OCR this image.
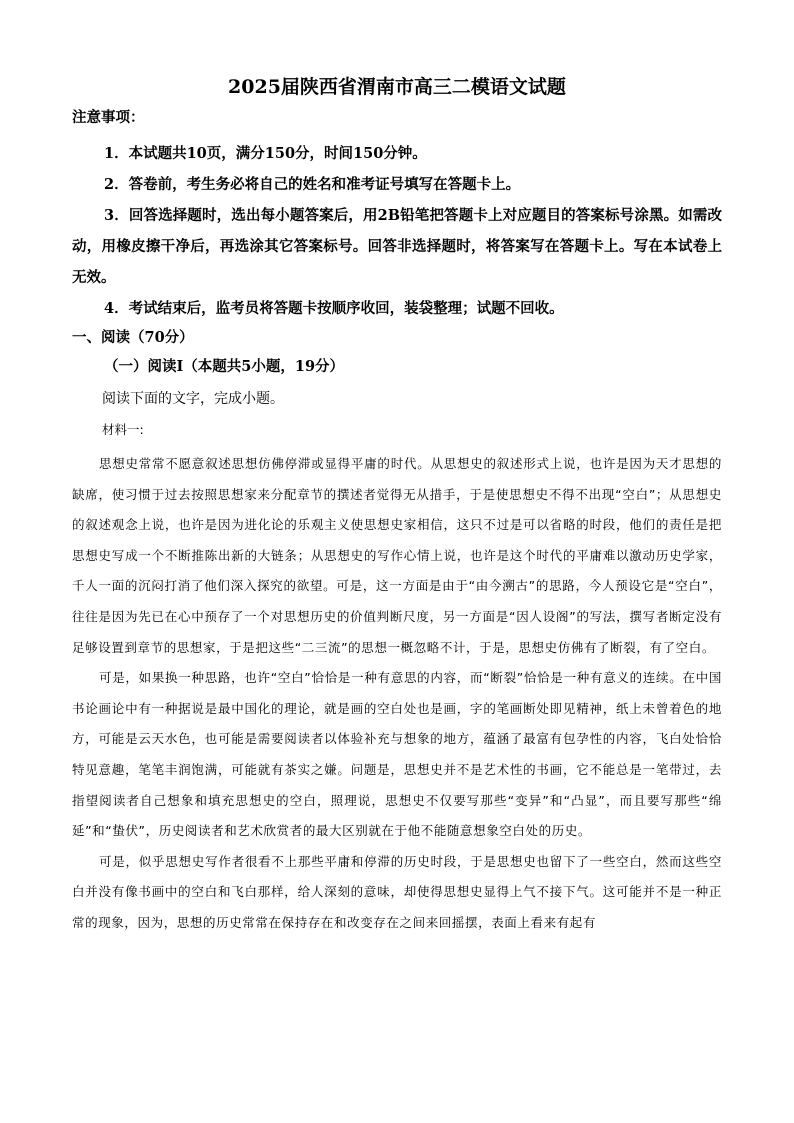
2025届陕西省渭南市高三二模语文试题
注意事项：

1．本试题共10页，满分150分，时间150分钟。

2．答卷前，考生务必将自己的姓名和准考证号填写在答题卡上。

3．回答选择题时，选出每小题答案后，用2B铅笔把答题卡上对应题目的答案标号涂黑。如需改动，用橡皮擦干净后，再选涂其它答案标号。回答非选择题时，将答案写在答题卡上。写在本试卷上无效。

4．考试结束后，监考员将答题卡按顺序收回，装袋整理；试题不回收。

一、阅读（70分）
（一）阅读Ⅰ（本题共5小题，19分）
阅读下面的文字，完成小题。
材料一:

思想史常常不愿意叙述思想仿佛停滞或显得平庸的时代。从思想史的叙述形式上说，也许是因为天才思想的缺席，使习惯于过去按照思想家来分配章节的撰述者觉得无从措手，于是使思想史不得不出现“空白”；从思想史的叙述观念上说，也许是因为进化论的乐观主义使思想史家相信，这只不过是可以省略的时段，他们的责任是把思想史写成一个不断推陈出新的大链条；从思想史的写作心情上说，也许是这个时代的平庸难以激动历史学家，千人一面的沉闷打消了他们深入探究的欲望。可是，这一方面是由于“由今溯古”的思路，今人预设它是“空白”，往往是因为先已在心中预存了一个对思想历史的价值判断尺度，另一方面是“因人设阁”的写法，撰写者断定没有足够设置到章节的思想家，于是把这些“二三流”的思想一概忽略不计，于是，思想史仿佛有了断裂，有了空白。

可是，如果换一种思路，也许“空白”恰恰是一种有意思的内容，而“断裂”恰恰是一种有意义的连续。在中国书论画论中有一种据说是最中国化的理论，就是画的空白处也是画，字的笔画断处即见精神，纸上未曾着色的地方，可能是云天水色，也可能是需要阅读者以体验补充与想象的地方，蕴涵了最富有包孕性的内容，飞白处恰恰特见意趣，笔笔丰润饱满，可能就有茶实之嫌。问题是，思想史并不是艺术性的书画，它不能总是一笔带过，去指望阅读者自己想象和填充思想史的空白，照理说，思想史不仅要写那些“变异”和“凸显”，而且要写那些“绵延”和“蛰伏”，历史阅读者和艺术欣赏者的最大区别就在于他不能随意想象空白处的历史。

可是，似乎思想史写作者很看不上那些平庸和停滞的历史时段，于是思想史也留下了一些空白，然而这些空白并没有像书画中的空白和飞白那样，给人深刻的意味，却使得思想史显得上气不接下气。这可能并不是一种正常的现象，因为，思想的历史常常在保持存在和改变存在之间来回摇摆，表面上看来有起有
